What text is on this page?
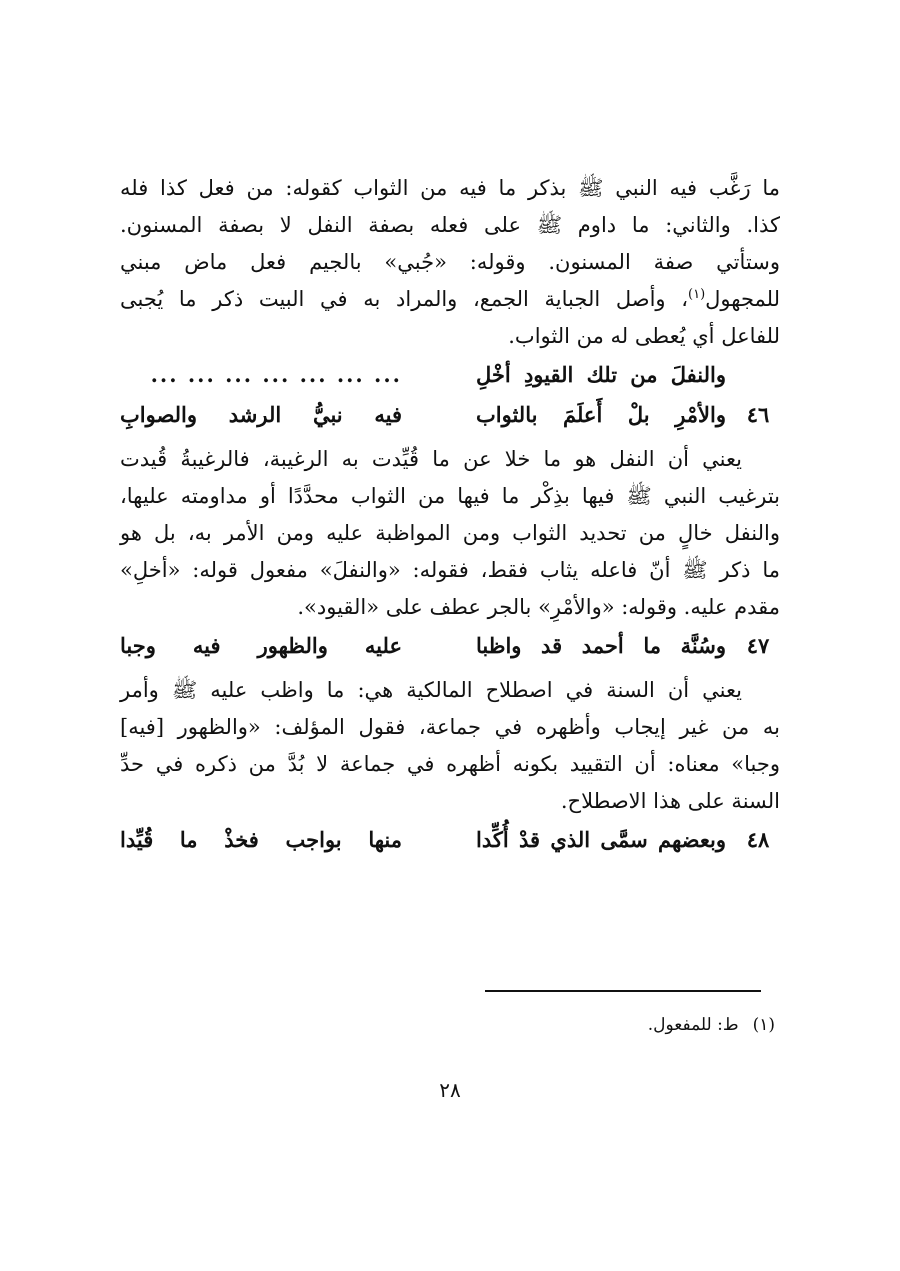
ما رَغَّب فيه النبي ﷺ بذكر ما فيه من الثواب كقوله: من فعل كذا فله
كذا. والثاني: ما داوم ﷺ على فعله بصفة النفل لا بصفة المسنون.
وستأتي صفة المسنون. وقوله: «جُبي» بالجيم فعل ماض مبني
للمجهول$^{(١)}$، وأصل الجباية الجمع، والمراد به في البيت ذكر ما يُجبى
للفاعل أي يُعطى له من الثواب.
والنفلَ من تلك القيودِ أخْلِ
... ... ... ... ... ... ...
٤٦
والأمْرِ بلْ أَعلَمَ بالثواب
فيه نبيُّ الرشد والصوابِ
يعني أن النفل هو ما خلا عن ما قُيِّدت به الرغيبة، فالرغيبةُ قُيدت
بترغيب النبي ﷺ فيها بذِكْر ما فيها من الثواب محدَّدًا أو مداومته عليها،
والنفل خالٍ من تحديد الثواب ومن المواظبة عليه ومن الأمر به، بل هو
ما ذكر ﷺ أنّ فاعله يثاب فقط، فقوله: «والنفلَ» مفعول قوله: «أخلِ»
مقدم عليه. وقوله: «والأمْرِ» بالجر عطف على «القيود».
٤٧
وسُنَّة ما أحمد قد واظبا
عليه والظهور فيه وجبا
يعني أن السنة في اصطلاح المالكية هي: ما واظب عليه ﷺ وأمر
به من غير إيجاب وأظهره في جماعة، فقول المؤلف: «والظهور [فيه]
وجبا» معناه: أن التقييد بكونه أظهره في جماعة لا بُدَّ من ذكره في حدِّ
السنة على هذا الاصطلاح.
٤٨
وبعضهم سمَّى الذي قدْ أُكِّدا
منها بواجب فخذْ ما قُيِّدا
(١)ط: للمفعول.
٢٨
